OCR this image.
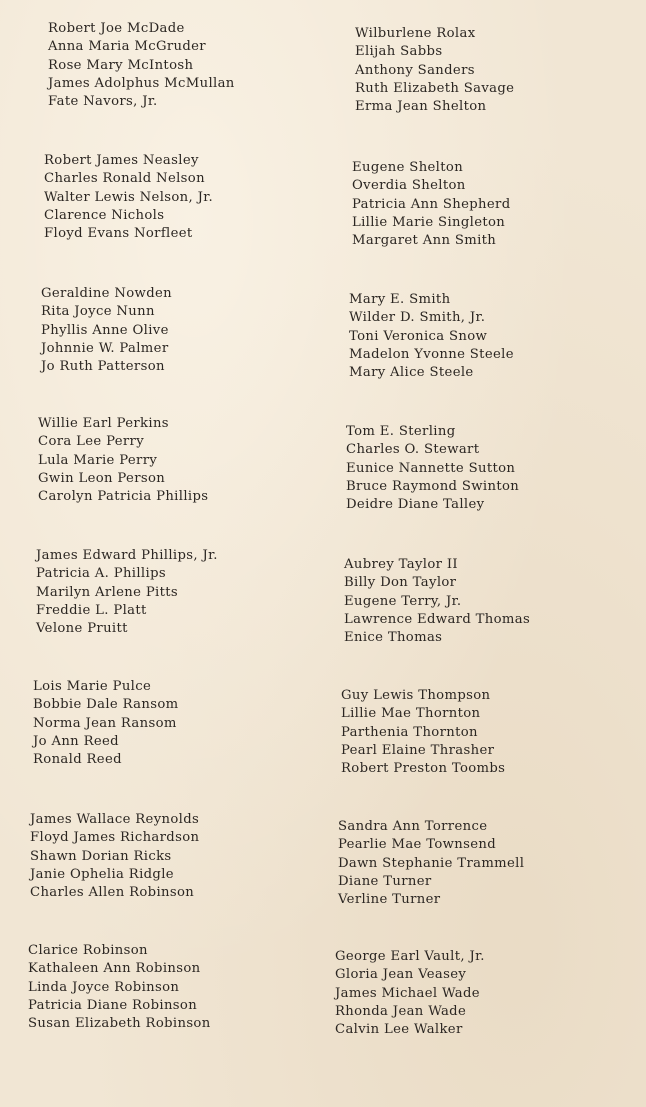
Robert Joe McDade
Anna Maria McGruder
Rose Mary McIntosh
James Adolphus McMullan
Fate Navors, Jr.
Robert James Neasley
Charles Ronald Nelson
Walter Lewis Nelson, Jr.
Clarence Nichols
Floyd Evans Norfleet
Geraldine Nowden
Rita Joyce Nunn
Phyllis Anne Olive
Johnnie W. Palmer
Jo Ruth Patterson
Willie Earl Perkins
Cora Lee Perry
Lula Marie Perry
Gwin Leon Person
Carolyn Patricia Phillips
James Edward Phillips, Jr.
Patricia A. Phillips
Marilyn Arlene Pitts
Freddie L. Platt
Velone Pruitt
Lois Marie Pulce
Bobbie Dale Ransom
Norma Jean Ransom
Jo Ann Reed
Ronald Reed
James Wallace Reynolds
Floyd James Richardson
Shawn Dorian Ricks
Janie Ophelia Ridgle
Charles Allen Robinson
Clarice Robinson
Kathaleen Ann Robinson
Linda Joyce Robinson
Patricia Diane Robinson
Susan Elizabeth Robinson
Wilburlene Rolax
Elijah Sabbs
Anthony Sanders
Ruth Elizabeth Savage
Erma Jean Shelton
Eugene Shelton
Overdia Shelton
Patricia Ann Shepherd
Lillie Marie Singleton
Margaret Ann Smith
Mary E. Smith
Wilder D. Smith, Jr.
Toni Veronica Snow
Madelon Yvonne Steele
Mary Alice Steele
Tom E. Sterling
Charles O. Stewart
Eunice Nannette Sutton
Bruce Raymond Swinton
Deidre Diane Talley
Aubrey Taylor II
Billy Don Taylor
Eugene Terry, Jr.
Lawrence Edward Thomas
Enice Thomas
Guy Lewis Thompson
Lillie Mae Thornton
Parthenia Thornton
Pearl Elaine Thrasher
Robert Preston Toombs
Sandra Ann Torrence
Pearlie Mae Townsend
Dawn Stephanie Trammell
Diane Turner
Verline Turner
George Earl Vault, Jr.
Gloria Jean Veasey
James Michael Wade
Rhonda Jean Wade
Calvin Lee Walker
